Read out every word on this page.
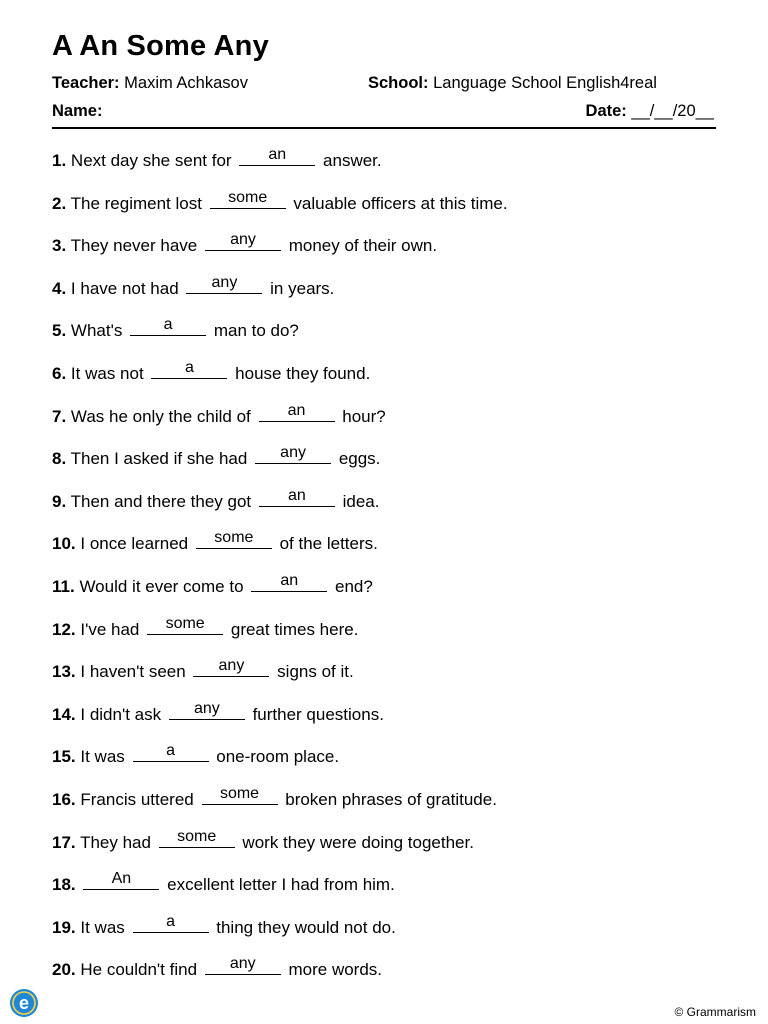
A An Some Any
Teacher: Maxim Achkasov	School: Language School English4real
Name:	Date: __/__/20__
1. Next day she sent for	an	answer.
2. The regiment lost	some	valuable officers at this time.
3. They never have	any	money of their own.
4. I have not had	any	in years.
5. What's	a	man to do?
6. It was not	a	house they found.
7. Was he only the child of	an	hour?
8. Then I asked if she had	any	eggs.
9. Then and there they got	an	idea.
10. I once learned	some	of the letters.
11. Would it ever come to	an	end?
12. I've had	some	great times here.
13. I haven't seen	any	signs of it.
14. I didn't ask	any	further questions.
15. It was	a	one-room place.
16. Francis uttered	some	broken phrases of gratitude.
17. They had	some	work they were doing together.
18.	An	excellent letter I had from him.
19. It was	a	thing they would not do.
20. He couldn't find	any	more words.
e	© Grammarism
